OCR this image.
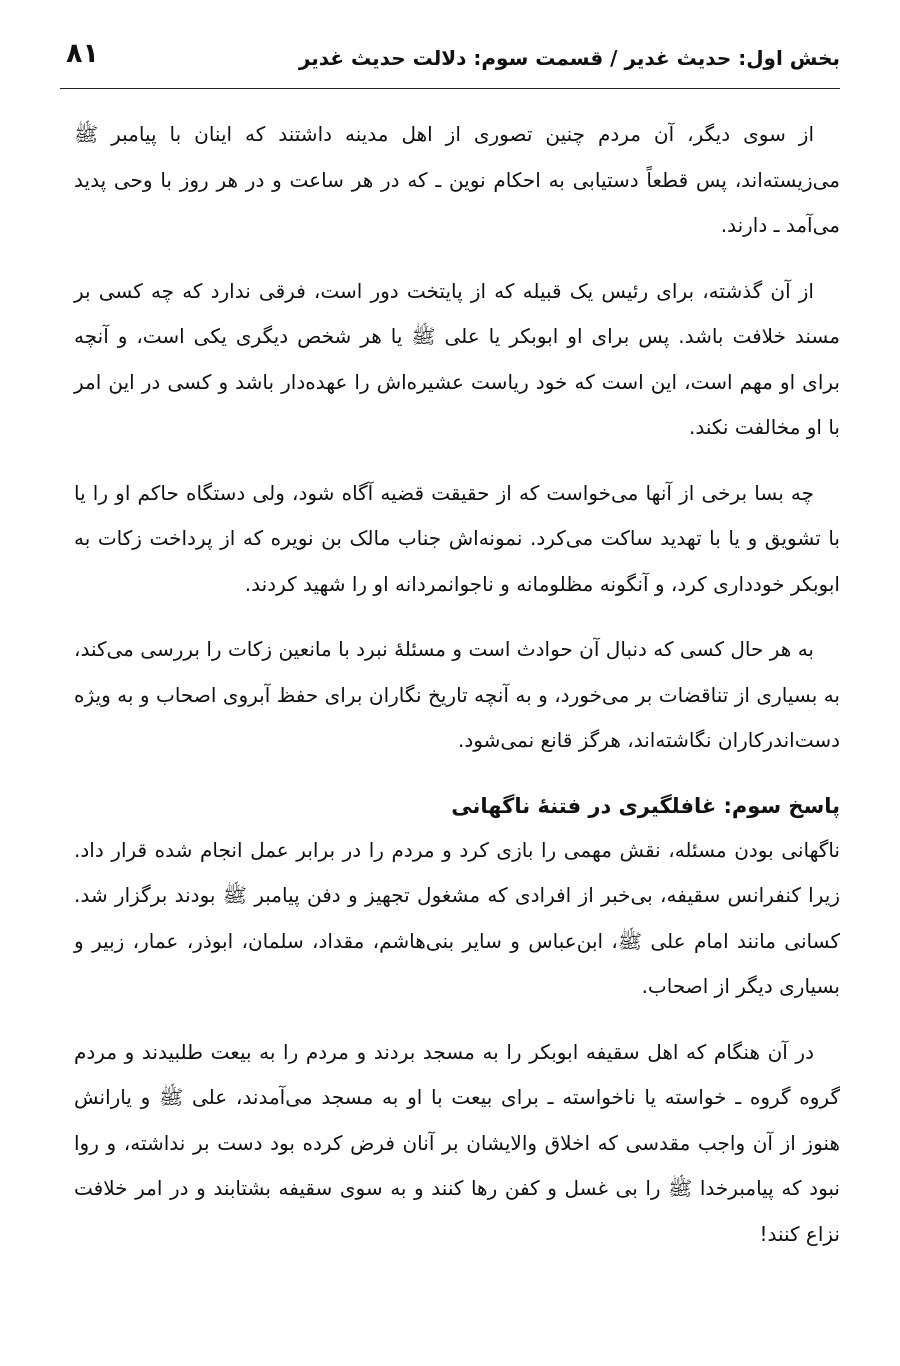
بخش اول: حدیث غدیر / قسمت سوم: دلالت حدیث غدیر
۸۱

از سوی دیگر، آن مردم چنین تصوری از اهل مدینه داشتند که اینان با پیامبر ﷺ می‌زیسته‌اند، پس قطعاً دستیابی به احکام نوین ـ که در هر ساعت و در هر روز با وحی پدید می‌آمد ـ دارند.

از آن گذشته، برای رئیس یک قبیله که از پایتخت دور است، فرقی ندارد که چه کسی بر مسند خلافت باشد. پس برای او ابوبکر یا علی ﷺ یا هر شخص دیگری یکی است، و آنچه برای او مهم است، این است که خود ریاست عشیره‌اش را عهده‌دار باشد و کسی در این امر با او مخالفت نکند.

چه بسا برخی از آنها می‌خواست که از حقیقت قضیه آگاه شود، ولی دستگاه حاکم او را یا با تشویق و یا با تهدید ساکت می‌کرد. نمونه‌اش جناب مالک بن نویره که از پرداخت زکات به ابوبکر خودداری کرد، و آنگونه مظلومانه و ناجوانمردانه او را شهید کردند.

به هر حال کسی که دنبال آن حوادث است و مسئلهٔ نبرد با مانعین زکات را بررسی می‌کند، به بسیاری از تناقضات بر می‌خورد، و به آنچه تاریخ نگاران برای حفظ آبروی اصحاب و به ویژه دست‌اندرکاران نگاشته‌اند، هرگز قانع نمی‌شود.

پاسخ سوم: غافلگیری در فتنهٔ ناگهانی

ناگهانی بودن مسئله، نقش مهمی را بازی کرد و مردم را در برابر عمل انجام شده قرار داد. زیرا کنفرانس سقیفه، بی‌خبر از افرادی که مشغول تجهیز و دفن پیامبر ﷺ بودند برگزار شد. کسانی مانند امام علی ﷺ، ابن‌عباس و سایر بنی‌هاشم، مقداد، سلمان، ابوذر، عمار، زبیر و بسیاری دیگر از اصحاب.

در آن هنگام که اهل سقیفه ابوبکر را به مسجد بردند و مردم را به بیعت طلبیدند و مردم گروه گروه ـ خواسته یا ناخواسته ـ برای بیعت با او به مسجد می‌آمدند، علی ﷺ و یارانش هنوز از آن واجب مقدسی که اخلاق والایشان بر آنان فرض کرده بود دست بر نداشته، و روا نبود که پیامبرخدا ﷺ را بی غسل و کفن رها کنند و به سوی سقیفه بشتابند و در امر خلافت نزاع کنند!
